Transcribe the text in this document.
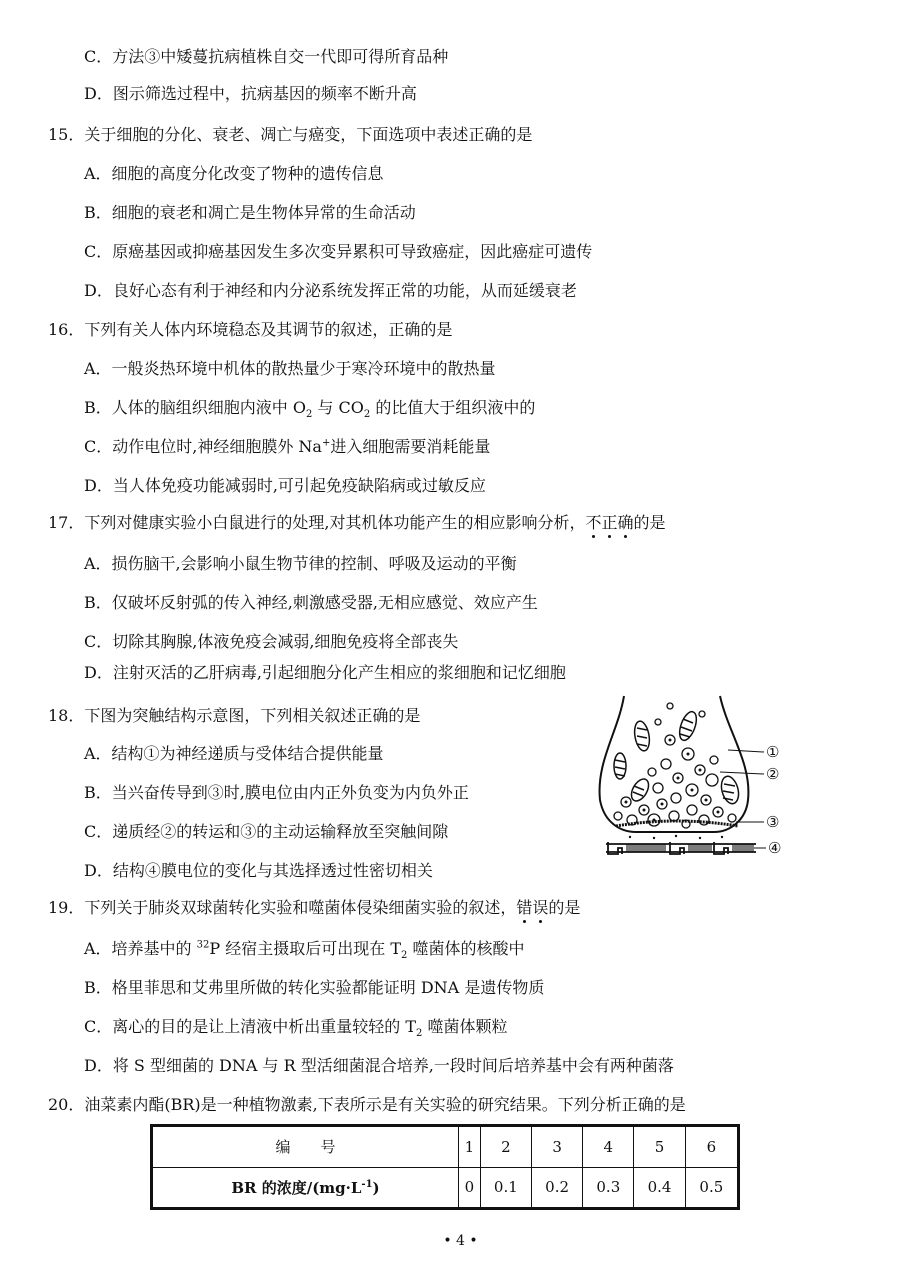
C．方法③中矮蔓抗病植株自交一代即可得所育品种
D．图示筛选过程中，抗病基因的频率不断升高
15．关于细胞的分化、衰老、凋亡与癌变，下面选项中表述正确的是
A．细胞的高度分化改变了物种的遗传信息
B．细胞的衰老和凋亡是生物体异常的生命活动
C．原癌基因或抑癌基因发生多次变异累积可导致癌症，因此癌症可遗传
D．良好心态有利于神经和内分泌系统发挥正常的功能，从而延缓衰老
16．下列有关人体内环境稳态及其调节的叙述，正确的是
A．一般炎热环境中机体的散热量少于寒冷环境中的散热量
B．人体的脑组织细胞内液中 $O_2$ 与 $CO_2$ 的比值大于组织液中的
C．动作电位时,神经细胞膜外 Na+进入细胞需要消耗能量
D．当人体免疫功能减弱时,可引起免疫缺陷病或过敏反应
17．下列对健康实验小白鼠进行的处理,对其机体功能产生的相应影响分析，不正确的是
A．损伤脑干,会影响小鼠生物节律的控制、呼吸及运动的平衡
B．仅破坏反射弧的传入神经,刺激感受器,无相应感觉、效应产生
C．切除其胸腺,体液免疫会减弱,细胞免疫将全部丧失
D．注射灭活的乙肝病毒,引起细胞分化产生相应的浆细胞和记忆细胞
18．下图为突触结构示意图，下列相关叙述正确的是
A．结构①为神经递质与受体结合提供能量
B．当兴奋传导到③时,膜电位由内正外负变为内负外正
C．递质经②的转运和③的主动运输释放至突触间隙
D．结构④膜电位的变化与其选择透过性密切相关
①
②
③
④
19．下列关于肺炎双球菌转化实验和噬菌体侵染细菌实验的叙述，错误的是
A．培养基中的 $^{32}$P 经宿主摄取后可出现在 $T_2$ 噬菌体的核酸中
B．格里菲思和艾弗里所做的转化实验都能证明 DNA 是遗传物质
C．离心的目的是让上清液中析出重量较轻的 $T_2$ 噬菌体颗粒
D．将 S 型细菌的 DNA 与 R 型活细菌混合培养,一段时间后培养基中会有两种菌落
20．油菜素内酯(BR)是一种植物激素,下表所示是有关实验的研究结果。下列分析正确的是
编　　号	1	2	3	4	5	6
BR 的浓度$/(mg\cdot L^{-1})$	0	0.1	0.2	0.3	0.4	0.5
• 4 •
